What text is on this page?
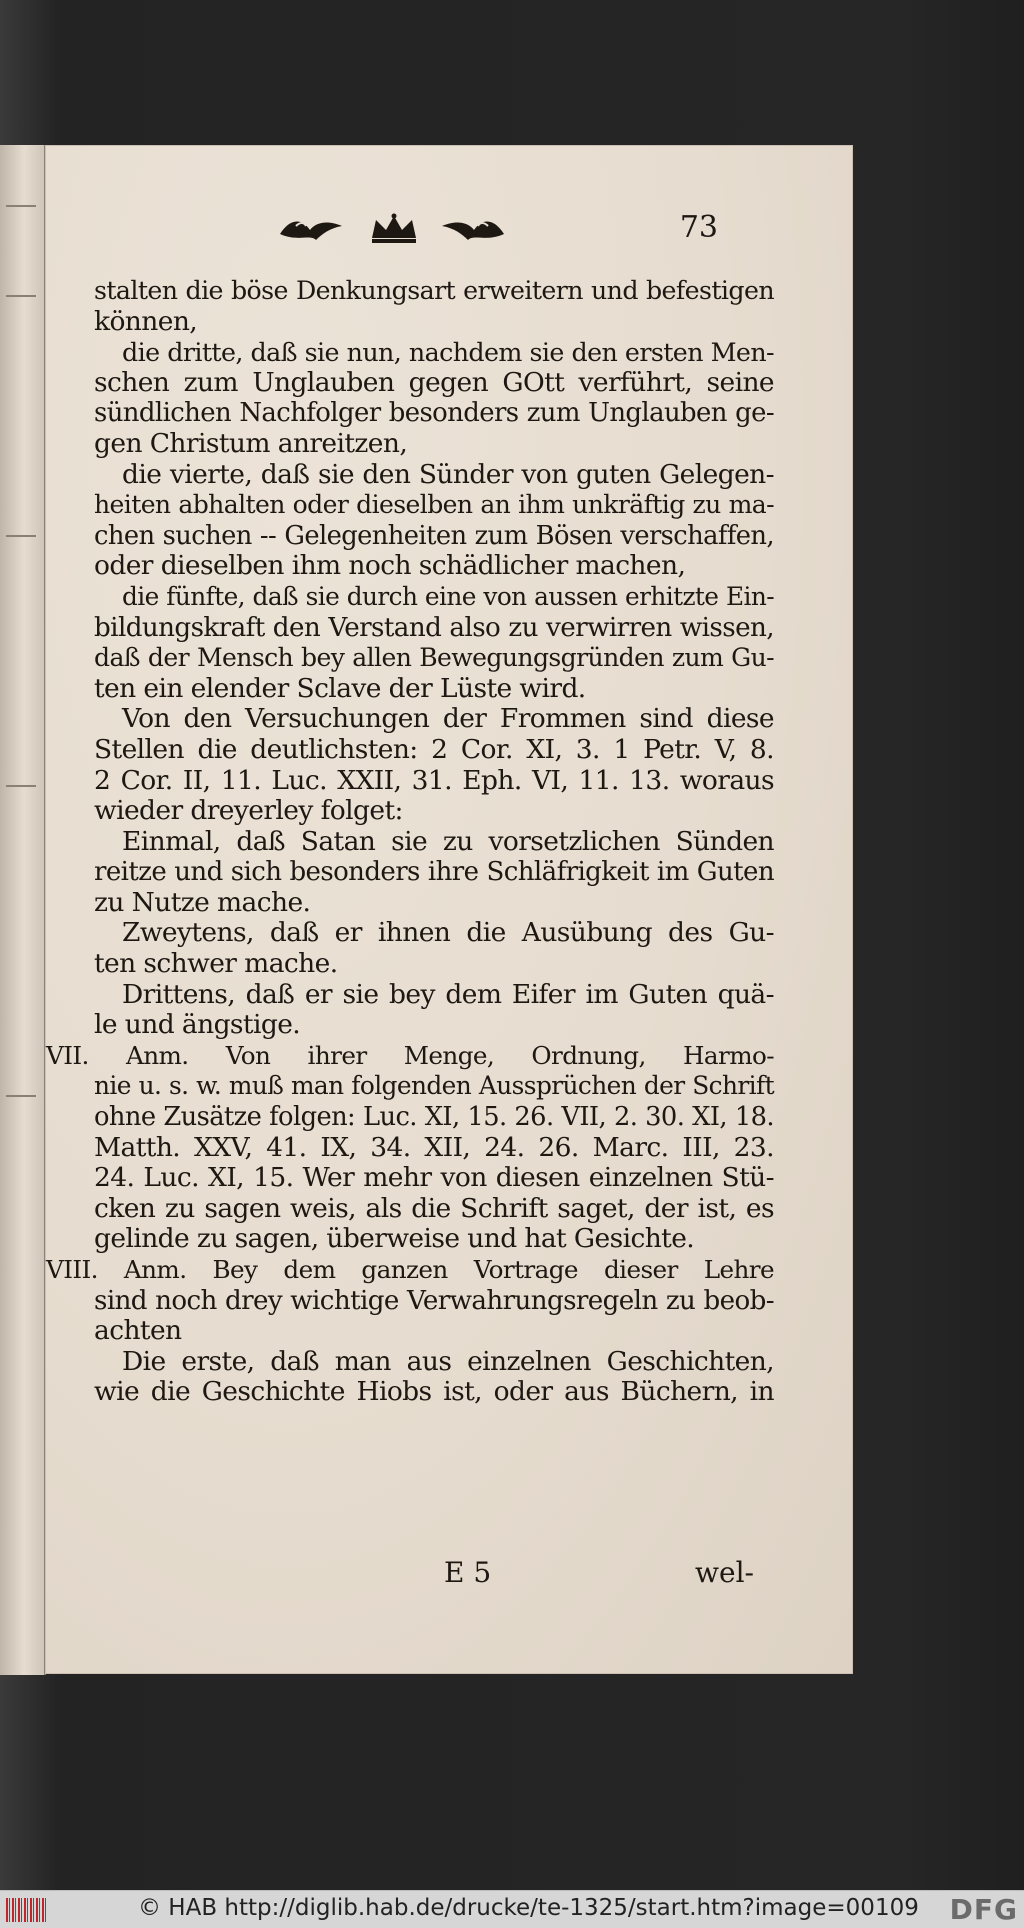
73
stalten die böse Denkungsart erweitern und befestigen
können,
die dritte, daß sie nun, nachdem sie den ersten Men-
schen zum Unglauben gegen GOtt verführt, seine
sündlichen Nachfolger besonders zum Unglauben ge-
gen Christum anreitzen,
die vierte, daß sie den Sünder von guten Gelegen-
heiten abhalten oder dieselben an ihm unkräftig zu ma-
chen suchen -- Gelegenheiten zum Bösen verschaffen,
oder dieselben ihm noch schädlicher machen,
die fünfte, daß sie durch eine von aussen erhitzte Ein-
bildungskraft den Verstand also zu verwirren wissen,
daß der Mensch bey allen Bewegungsgründen zum Gu-
ten ein elender Sclave der Lüste wird.
Von den Versuchungen der Frommen sind diese
Stellen die deutlichsten: 2 Cor. XI, 3. 1 Petr. V, 8.
2 Cor. II, 11. Luc. XXII, 31. Eph. VI, 11. 13. woraus
wieder dreyerley folget:
Einmal, daß Satan sie zu vorsetzlichen Sünden
reitze und sich besonders ihre Schläfrigkeit im Guten
zu Nutze mache.
Zweytens, daß er ihnen die Ausübung des Gu-
ten schwer mache.
Drittens, daß er sie bey dem Eifer im Guten quä-
le und ängstige.
VII. Anm. Von ihrer Menge, Ordnung, Harmo-
nie u. s. w. muß man folgenden Aussprüchen der Schrift
ohne Zusätze folgen: Luc. XI, 15. 26. VII, 2. 30. XI, 18.
Matth. XXV, 41. IX, 34. XII, 24. 26. Marc. III, 23.
24. Luc. XI, 15. Wer mehr von diesen einzelnen Stü-
cken zu sagen weis, als die Schrift saget, der ist, es
gelinde zu sagen, überweise und hat Gesichte.
VIII. Anm. Bey dem ganzen Vortrage dieser Lehre
sind noch drey wichtige Verwahrungsregeln zu beob-
achten
Die erste, daß man aus einzelnen Geschichten,
wie die Geschichte Hiobs ist, oder aus Büchern, in
E 5	wel-
© HAB http://diglib.hab.de/drucke/te-1325/start.htm?image=00109 DFG
